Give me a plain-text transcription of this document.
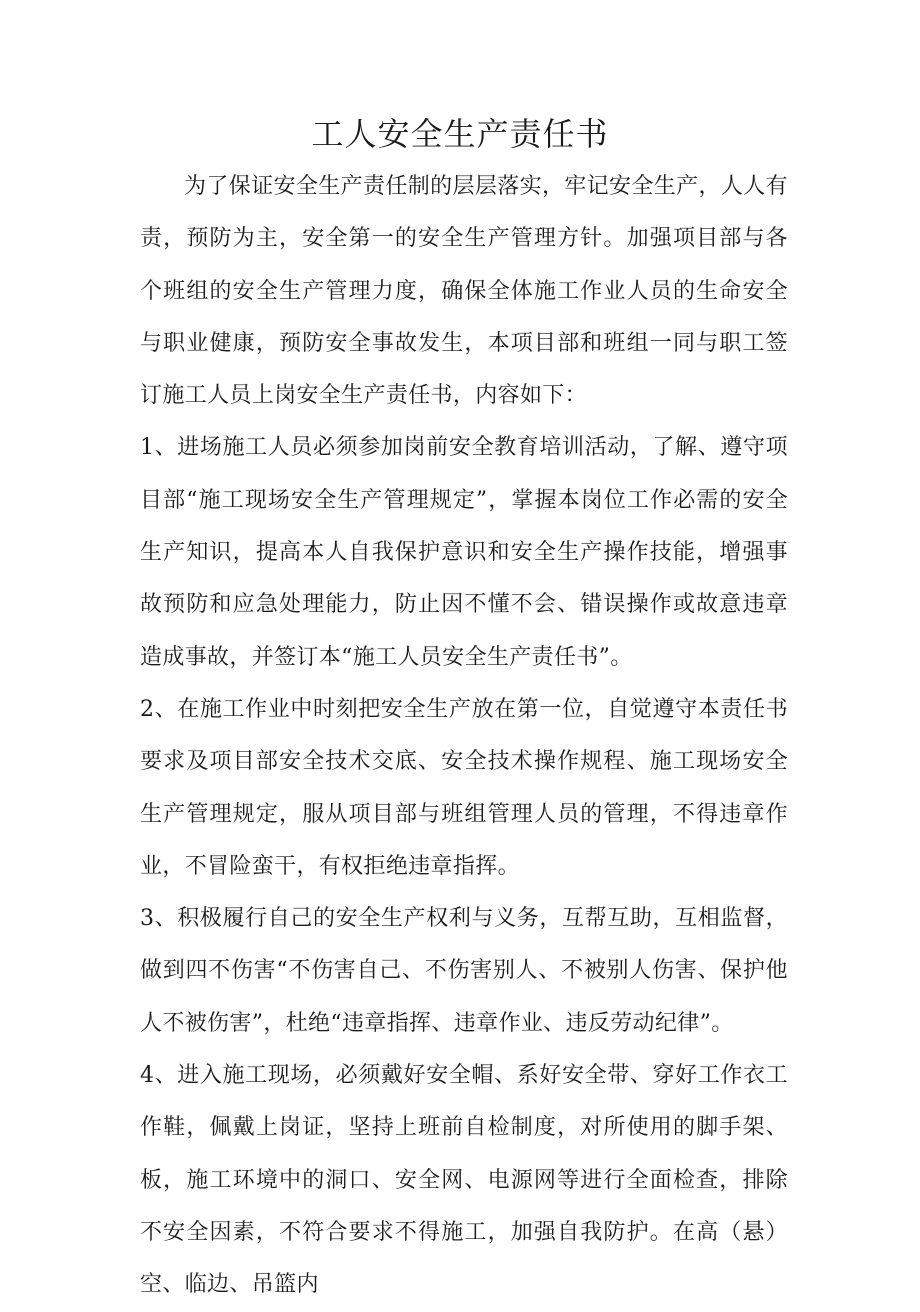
工人安全生产责任书

为了保证安全生产责任制的层层落实，牢记安全生产，人人有责，预防为主，安全第一的安全生产管理方针。加强项目部与各个班组的安全生产管理力度，确保全体施工作业人员的生命安全与职业健康，预防安全事故发生，本项目部和班组一同与职工签订施工人员上岗安全生产责任书，内容如下：

1、进场施工人员必须参加岗前安全教育培训活动，了解、遵守项目部“施工现场安全生产管理规定”，掌握本岗位工作必需的安全生产知识，提高本人自我保护意识和安全生产操作技能，增强事故预防和应急处理能力，防止因不懂不会、错误操作或故意违章造成事故，并签订本“施工人员安全生产责任书”。

2、在施工作业中时刻把安全生产放在第一位，自觉遵守本责任书要求及项目部安全技术交底、安全技术操作规程、施工现场安全生产管理规定，服从项目部与班组管理人员的管理，不得违章作业，不冒险蛮干，有权拒绝违章指挥。

3、积极履行自己的安全生产权利与义务，互帮互助，互相监督，做到四不伤害“不伤害自己、不伤害别人、不被别人伤害、保护他人不被伤害”，杜绝“违章指挥、违章作业、违反劳动纪律”。

4、进入施工现场，必须戴好安全帽、系好安全带、穿好工作衣工作鞋，佩戴上岗证，坚持上班前自检制度，对所使用的脚手架、板，施工环境中的洞口、安全网、电源网等进行全面检查，排除不安全因素，不符合要求不得施工，加强自我防护。在高（悬）空、临边、吊篮内
